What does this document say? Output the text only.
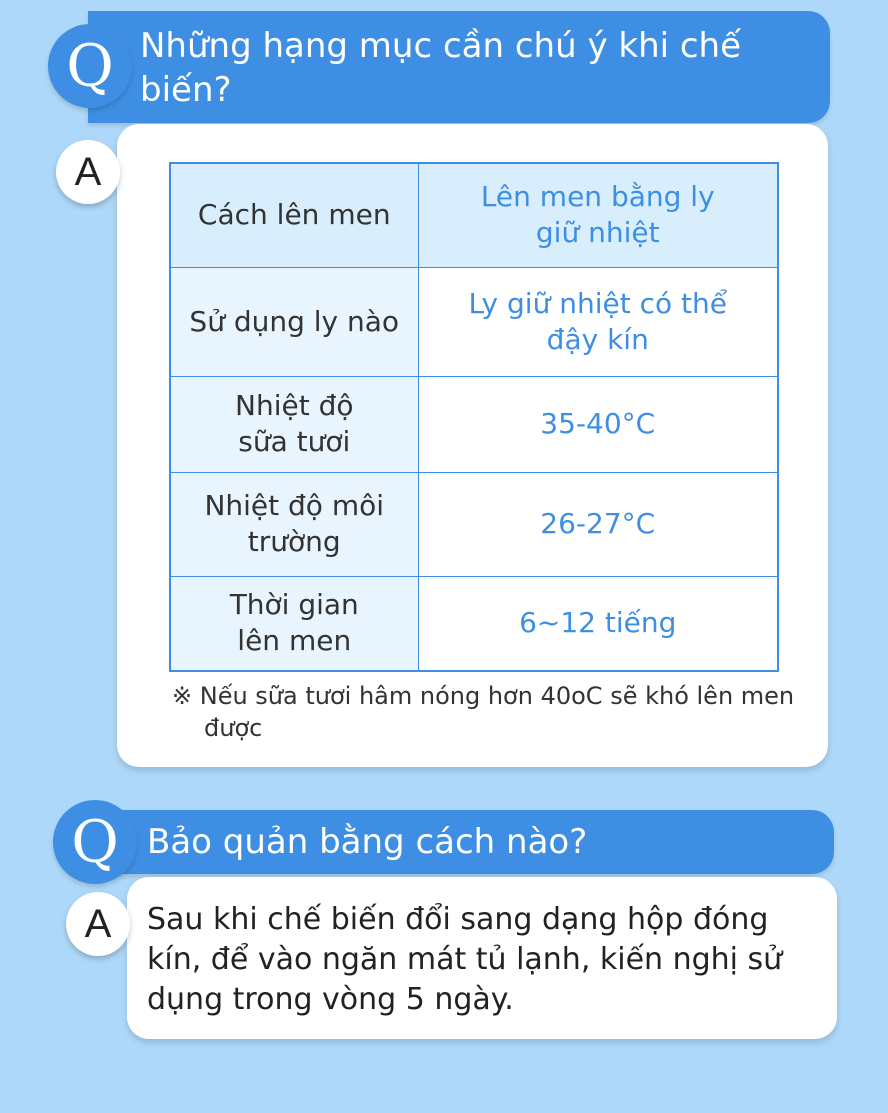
Q Những hạng mục cần chú ý khi chế biến?
A
Cách lên men	Lên men bằng ly giữ nhiệt
Sử dụng ly nào	Ly giữ nhiệt có thể đậy kín
Nhiệt độ sữa tươi	35-40°C
Nhiệt độ môi trường	26-27°C
Thời gian lên men	6~12 tiếng
※ Nếu sữa tươi hâm nóng hơn 40oC sẽ khó lên men được
Q Bảo quản bằng cách nào?
A Sau khi chế biến đổi sang dạng hộp đóng kín, để vào ngăn mát tủ lạnh, kiến nghị sử dụng trong vòng 5 ngày.
